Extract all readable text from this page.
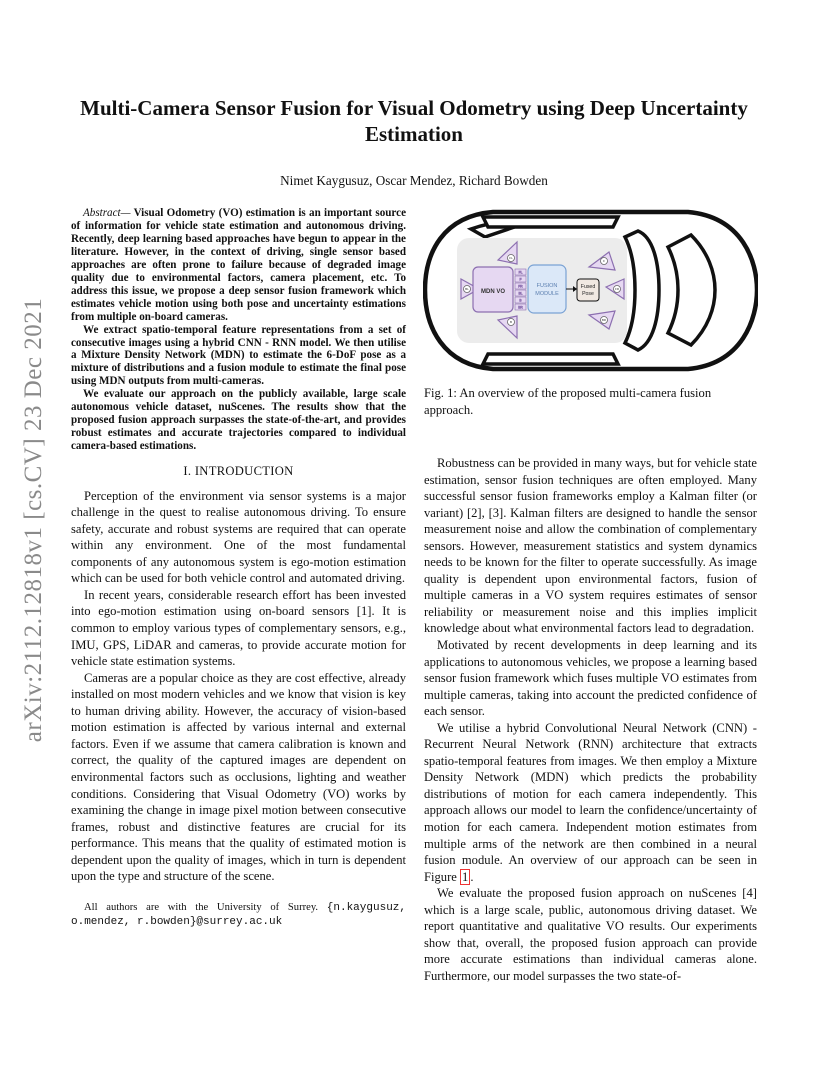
arXiv:2112.12818v1 [cs.CV] 23 Dec 2021
Multi-Camera Sensor Fusion for Visual Odometry using Deep Uncertainty Estimation
Nimet Kaygusuz, Oscar Mendez, Richard Bowden

Abstract— Visual Odometry (VO) estimation is an important source of information for vehicle state estimation and autonomous driving. Recently, deep learning based approaches have begun to appear in the literature. However, in the context of driving, single sensor based approaches are often prone to failure because of degraded image quality due to environmental factors, camera placement, etc. To address this issue, we propose a deep sensor fusion framework which estimates vehicle motion using both pose and uncertainty estimations from multiple on-board cameras.

We extract spatio-temporal feature representations from a set of consecutive images using a hybrid CNN - RNN model. We then utilise a Mixture Density Network (MDN) to estimate the 6-DoF pose as a mixture of distributions and a fusion module to estimate the final pose using MDN outputs from multi-cameras.

We evaluate our approach on the publicly available, large scale autonomous vehicle dataset, nuScenes. The results show that the proposed fusion approach surpasses the state-of-the-art, and provides robust estimates and accurate trajectories compared to individual camera-based estimations.

I. INTRODUCTION

Perception of the environment via sensor systems is a major challenge in the quest to realise autonomous driving. To ensure safety, accurate and robust systems are required that can operate within any environment. One of the most fundamental components of any autonomous system is ego-motion estimation which can be used for both vehicle control and automated driving.

In recent years, considerable research effort has been invested into ego-motion estimation using on-board sensors [1]. It is common to employ various types of complementary sensors, e.g., IMU, GPS, LiDAR and cameras, to provide accurate motion for vehicle state estimation systems.

Cameras are a popular choice as they are cost effective, already installed on most modern vehicles and we know that vision is key to human driving ability. However, the accuracy of vision-based motion estimation is affected by various internal and external factors. Even if we assume that camera calibration is known and correct, the quality of the captured images are dependent on environmental factors such as occlusions, lighting and weather conditions. Considering that Visual Odometry (VO) works by examining the change in image pixel motion between consecutive frames, robust and distinctive features are crucial for its performance. This means that the quality of estimated motion is dependent upon the quality of images, which in turn is dependent upon the type and structure of the scene.

All authors are with the University of Surrey. {n.kaygusuz, o.mendez, r.bowden}@surrey.ac.uk

FL
F
FR
BL
B	BR
MDN VO
FL
F
FR
BL
B
BR
FUSION
MODULE
Fused
Pose
Fig. 1: An overview of the proposed multi-camera fusion approach.

Robustness can be provided in many ways, but for vehicle state estimation, sensor fusion techniques are often employed. Many successful sensor fusion frameworks employ a Kalman filter (or variant) [2], [3]. Kalman filters are designed to handle the sensor measurement noise and allow the combination of complementary sensors. However, measurement statistics and system dynamics needs to be known for the filter to operate successfully. As image quality is dependent upon environmental factors, fusion of multiple cameras in a VO system requires estimates of sensor reliability or measurement noise and this implies implicit knowledge about what environmental factors lead to degradation.

Motivated by recent developments in deep learning and its applications to autonomous vehicles, we propose a learning based sensor fusion framework which fuses multiple VO estimates from multiple cameras, taking into account the predicted confidence of each sensor.

We utilise a hybrid Convolutional Neural Network (CNN) - Recurrent Neural Network (RNN) architecture that extracts spatio-temporal features from images. We then employ a Mixture Density Network (MDN) which predicts the probability distributions of motion for each camera independently. This approach allows our model to learn the confidence/uncertainty of motion for each camera. Independent motion estimates from multiple arms of the network are then combined in a neural fusion module. An overview of our approach can be seen in Figure 1 .

We evaluate the proposed fusion approach on nuScenes [4] which is a large scale, public, autonomous driving dataset. We report quantitative and qualitative VO results. Our experiments show that, overall, the proposed fusion approach can provide more accurate estimations than individual cameras alone. Furthermore, our model surpasses the two state-of-
